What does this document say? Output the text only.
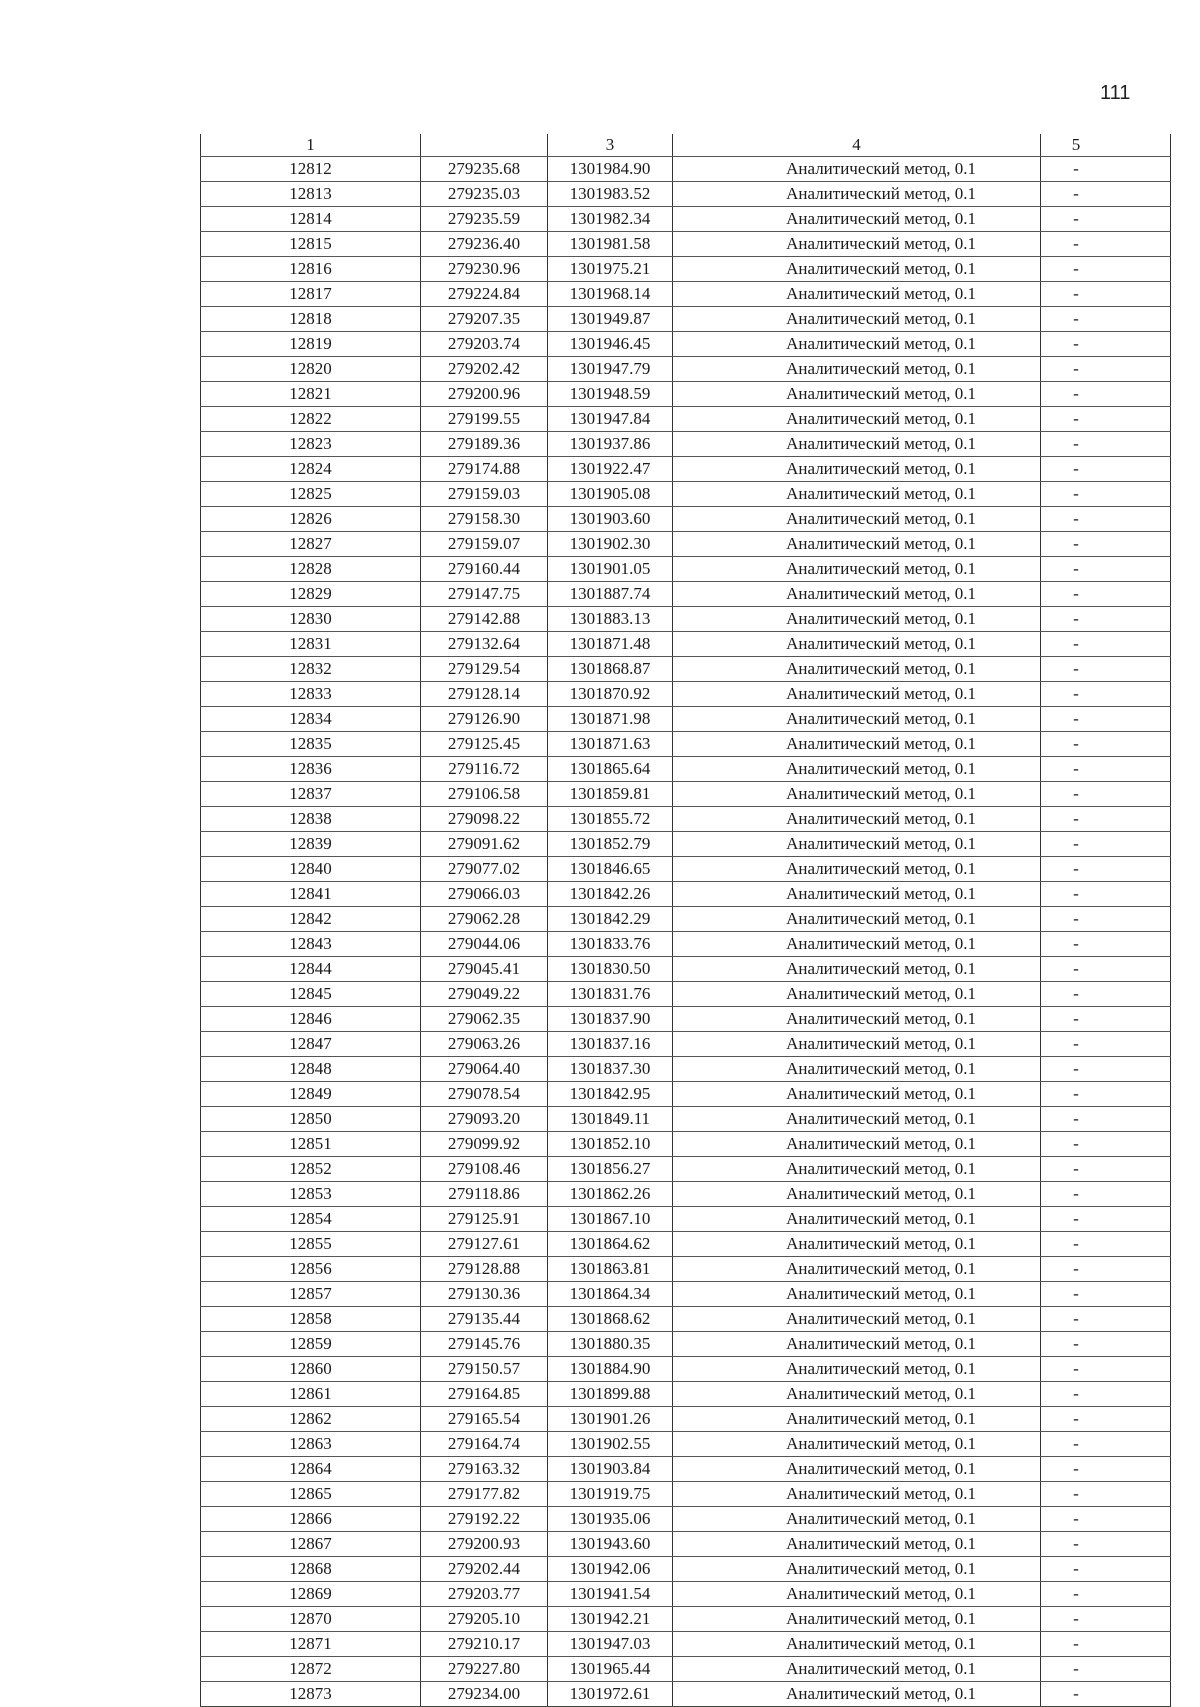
111
1		3	4	5
12812	279235.68	1301984.90	Аналитический метод, 0.1	-
12813	279235.03	1301983.52	Аналитический метод, 0.1	-
12814	279235.59	1301982.34	Аналитический метод, 0.1	-
12815	279236.40	1301981.58	Аналитический метод, 0.1	-
12816	279230.96	1301975.21	Аналитический метод, 0.1	-
12817	279224.84	1301968.14	Аналитический метод, 0.1	-
12818	279207.35	1301949.87	Аналитический метод, 0.1	-
12819	279203.74	1301946.45	Аналитический метод, 0.1	-
12820	279202.42	1301947.79	Аналитический метод, 0.1	-
12821	279200.96	1301948.59	Аналитический метод, 0.1	-
12822	279199.55	1301947.84	Аналитический метод, 0.1	-
12823	279189.36	1301937.86	Аналитический метод, 0.1	-
12824	279174.88	1301922.47	Аналитический метод, 0.1	-
12825	279159.03	1301905.08	Аналитический метод, 0.1	-
12826	279158.30	1301903.60	Аналитический метод, 0.1	-
12827	279159.07	1301902.30	Аналитический метод, 0.1	-
12828	279160.44	1301901.05	Аналитический метод, 0.1	-
12829	279147.75	1301887.74	Аналитический метод, 0.1	-
12830	279142.88	1301883.13	Аналитический метод, 0.1	-
12831	279132.64	1301871.48	Аналитический метод, 0.1	-
12832	279129.54	1301868.87	Аналитический метод, 0.1	-
12833	279128.14	1301870.92	Аналитический метод, 0.1	-
12834	279126.90	1301871.98	Аналитический метод, 0.1	-
12835	279125.45	1301871.63	Аналитический метод, 0.1	-
12836	279116.72	1301865.64	Аналитический метод, 0.1	-
12837	279106.58	1301859.81	Аналитический метод, 0.1	-
12838	279098.22	1301855.72	Аналитический метод, 0.1	-
12839	279091.62	1301852.79	Аналитический метод, 0.1	-
12840	279077.02	1301846.65	Аналитический метод, 0.1	-
12841	279066.03	1301842.26	Аналитический метод, 0.1	-
12842	279062.28	1301842.29	Аналитический метод, 0.1	-
12843	279044.06	1301833.76	Аналитический метод, 0.1	-
12844	279045.41	1301830.50	Аналитический метод, 0.1	-
12845	279049.22	1301831.76	Аналитический метод, 0.1	-
12846	279062.35	1301837.90	Аналитический метод, 0.1	-
12847	279063.26	1301837.16	Аналитический метод, 0.1	-
12848	279064.40	1301837.30	Аналитический метод, 0.1	-
12849	279078.54	1301842.95	Аналитический метод, 0.1	-
12850	279093.20	1301849.11	Аналитический метод, 0.1	-
12851	279099.92	1301852.10	Аналитический метод, 0.1	-
12852	279108.46	1301856.27	Аналитический метод, 0.1	-
12853	279118.86	1301862.26	Аналитический метод, 0.1	-
12854	279125.91	1301867.10	Аналитический метод, 0.1	-
12855	279127.61	1301864.62	Аналитический метод, 0.1	-
12856	279128.88	1301863.81	Аналитический метод, 0.1	-
12857	279130.36	1301864.34	Аналитический метод, 0.1	-
12858	279135.44	1301868.62	Аналитический метод, 0.1	-
12859	279145.76	1301880.35	Аналитический метод, 0.1	-
12860	279150.57	1301884.90	Аналитический метод, 0.1	-
12861	279164.85	1301899.88	Аналитический метод, 0.1	-
12862	279165.54	1301901.26	Аналитический метод, 0.1	-
12863	279164.74	1301902.55	Аналитический метод, 0.1	-
12864	279163.32	1301903.84	Аналитический метод, 0.1	-
12865	279177.82	1301919.75	Аналитический метод, 0.1	-
12866	279192.22	1301935.06	Аналитический метод, 0.1	-
12867	279200.93	1301943.60	Аналитический метод, 0.1	-
12868	279202.44	1301942.06	Аналитический метод, 0.1	-
12869	279203.77	1301941.54	Аналитический метод, 0.1	-
12870	279205.10	1301942.21	Аналитический метод, 0.1	-
12871	279210.17	1301947.03	Аналитический метод, 0.1	-
12872	279227.80	1301965.44	Аналитический метод, 0.1	-
12873	279234.00	1301972.61	Аналитический метод, 0.1	-
